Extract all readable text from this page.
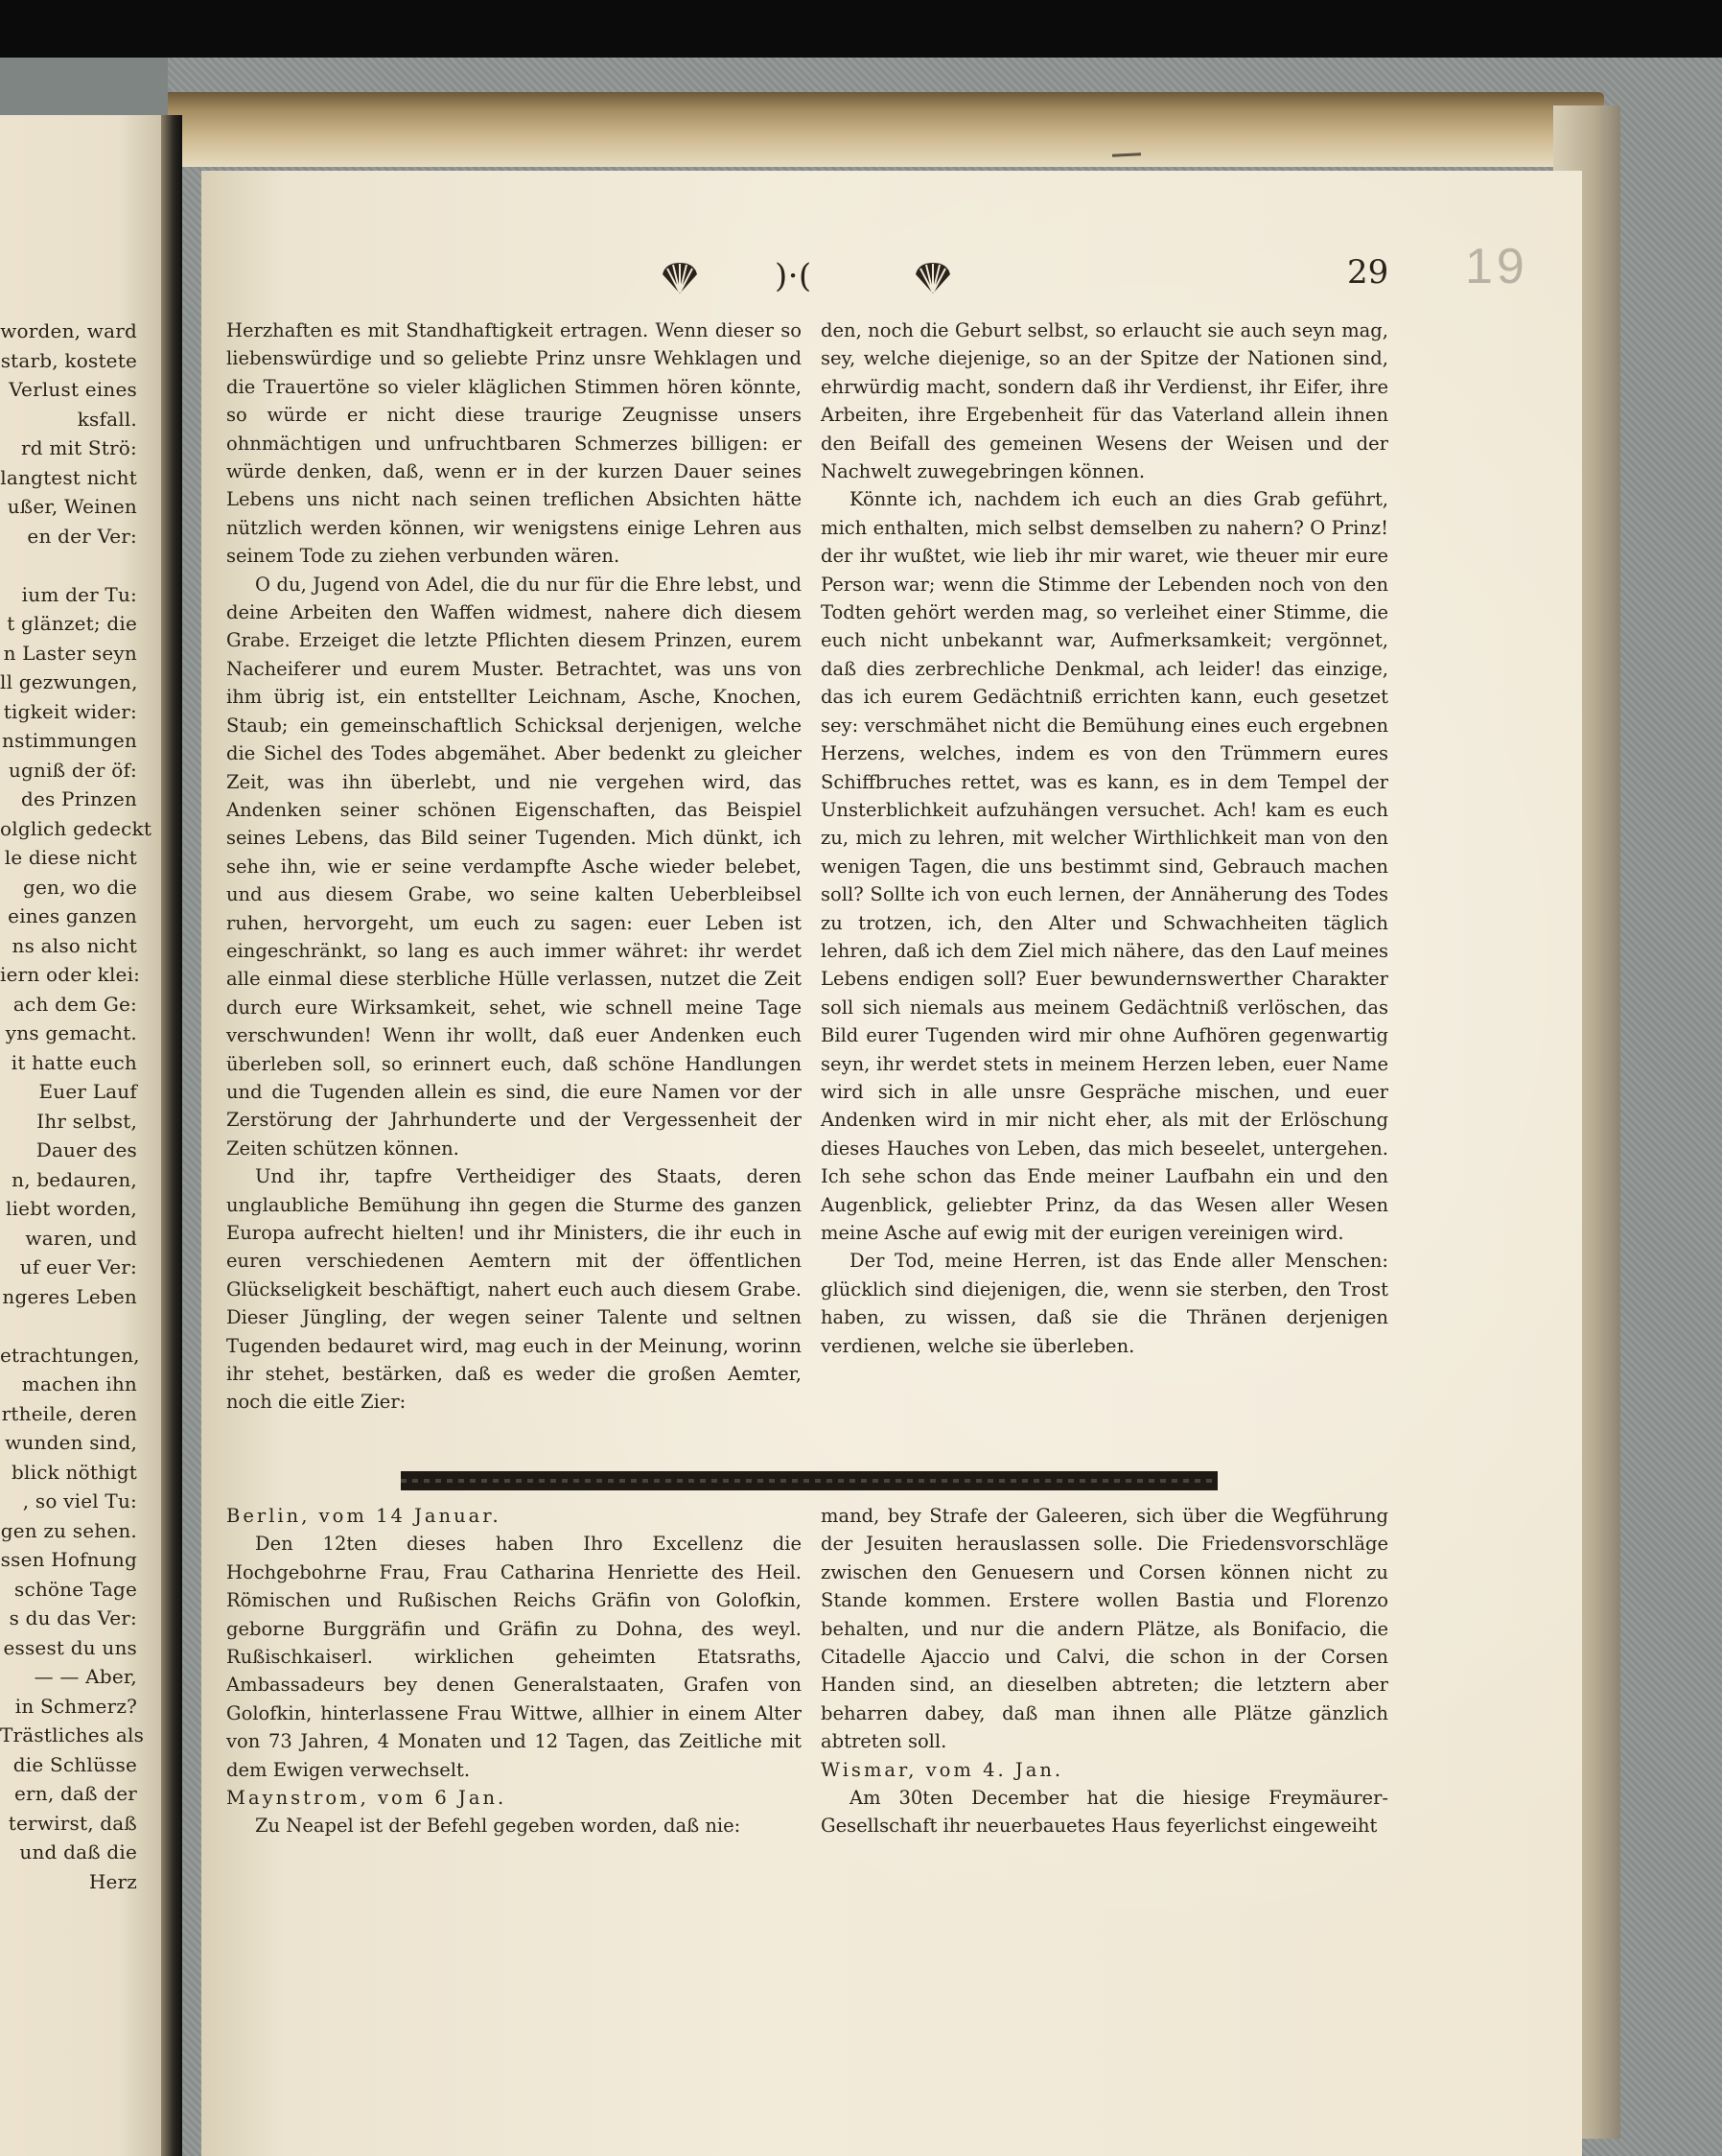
worden, ward
starb, kostete
Verlust eines
ksfall.
rd mit Strö:
langtest nicht
ußer, Weinen
en der Ver:
ium der Tu:
t glänzet; die
n Laster seyn
ll gezwungen,
tigkeit wider:
nstimmungen
ugniß der öf:
des Prinzen
olglich gedeckt
le diese nicht
gen, wo die
eines ganzen
ns also nicht
iern oder klei:
ach dem Ge:
yns gemacht.
it hatte euch
Euer Lauf
Ihr selbst,
Dauer des
n, bedauren,
liebt worden,
waren, und
uf euer Ver:
ngeres Leben
etrachtungen,
machen ihn
rtheile, deren
wunden sind,
blick nöthigt
, so viel Tu:
gen zu sehen.
ssen Hofnung
schöne Tage
s du das Ver:
essest du uns
— — Aber,
in Schmerz?
Trästliches als
die Schlüsse
ern, daß der
terwirst, daß
und daß die
Herz
)⋅(	29 19

Herzhaften es mit Standhaftigkeit ertragen. Wenn dieser so liebenswürdige und so geliebte Prinz unsre Wehklagen und die Trauertöne so vieler kläglichen Stimmen hören könnte, so würde er nicht diese traurige Zeugnisse unsers ohnmächtigen und unfruchtbaren Schmerzes billigen: er würde denken, daß, wenn er in der kurzen Dauer seines Lebens uns nicht nach seinen treflichen Absichten hätte nützlich werden können, wir wenigstens einige Lehren aus seinem Tode zu ziehen verbunden wären.

O du, Jugend von Adel, die du nur für die Ehre lebst, und deine Arbeiten den Waffen widmest, nahere dich diesem Grabe. Erzeiget die letzte Pflichten diesem Prinzen, eurem Nacheiferer und eurem Muster. Betrachtet, was uns von ihm übrig ist, ein entstellter Leichnam, Asche, Knochen, Staub; ein gemeinschaftlich Schicksal derjenigen, welche die Sichel des Todes abgemähet. Aber bedenkt zu gleicher Zeit, was ihn überlebt, und nie vergehen wird, das Andenken seiner schönen Eigenschaften, das Beispiel seines Lebens, das Bild seiner Tugenden. Mich dünkt, ich sehe ihn, wie er seine verdampfte Asche wieder belebet, und aus diesem Grabe, wo seine kalten Ueberbleibsel ruhen, hervorgeht, um euch zu sagen: euer Leben ist eingeschränkt, so lang es auch immer währet: ihr werdet alle einmal diese sterbliche Hülle verlassen, nutzet die Zeit durch eure Wirksamkeit, sehet, wie schnell meine Tage verschwunden! Wenn ihr wollt, daß euer Andenken euch überleben soll, so erinnert euch, daß schöne Handlungen und die Tugenden allein es sind, die eure Namen vor der Zerstörung der Jahrhunderte und der Vergessenheit der Zeiten schützen können.

Und ihr, tapfre Vertheidiger des Staats, deren unglaubliche Bemühung ihn gegen die Sturme des ganzen Europa aufrecht hielten! und ihr Ministers, die ihr euch in euren verschiedenen Aemtern mit der öffentlichen Glückseligkeit beschäftigt, nahert euch auch diesem Grabe. Dieser Jüngling, der wegen seiner Talente und seltnen Tugenden bedauret wird, mag euch in der Meinung, worinn ihr stehet, bestärken, daß es weder die großen Aemter, noch die eitle Zier:

den, noch die Geburt selbst, so erlaucht sie auch seyn mag, sey, welche diejenige, so an der Spitze der Nationen sind, ehrwürdig macht, sondern daß ihr Verdienst, ihr Eifer, ihre Arbeiten, ihre Ergebenheit für das Vaterland allein ihnen den Beifall des gemeinen Wesens der Weisen und der Nachwelt zuwegebringen können.

Könnte ich, nachdem ich euch an dies Grab geführt, mich enthalten, mich selbst demselben zu nahern? O Prinz! der ihr wußtet, wie lieb ihr mir waret, wie theuer mir eure Person war; wenn die Stimme der Lebenden noch von den Todten gehört werden mag, so verleihet einer Stimme, die euch nicht unbekannt war, Aufmerksamkeit; vergönnet, daß dies zerbrechliche Denkmal, ach leider! das einzige, das ich eurem Gedächtniß errichten kann, euch gesetzet sey: verschmähet nicht die Bemühung eines euch ergebnen Herzens, welches, indem es von den Trümmern eures Schiffbruches rettet, was es kann, es in dem Tempel der Unsterblichkeit aufzuhängen versuchet. Ach! kam es euch zu, mich zu lehren, mit welcher Wirthlichkeit man von den wenigen Tagen, die uns bestimmt sind, Gebrauch machen soll? Sollte ich von euch lernen, der Annäherung des Todes zu trotzen, ich, den Alter und Schwachheiten täglich lehren, daß ich dem Ziel mich nähere, das den Lauf meines Lebens endigen soll? Euer bewundernswerther Charakter soll sich niemals aus meinem Gedächtniß verlöschen, das Bild eurer Tugenden wird mir ohne Aufhören gegenwartig seyn, ihr werdet stets in meinem Herzen leben, euer Name wird sich in alle unsre Gespräche mischen, und euer Andenken wird in mir nicht eher, als mit der Erlöschung dieses Hauches von Leben, das mich beseelet, untergehen. Ich sehe schon das Ende meiner Laufbahn ein und den Augenblick, geliebter Prinz, da das Wesen aller Wesen meine Asche auf ewig mit der eurigen vereinigen wird.

Der Tod, meine Herren, ist das Ende aller Menschen: glücklich sind diejenigen, die, wenn sie sterben, den Trost haben, zu wissen, daß sie die Thränen derjenigen verdienen, welche sie überleben.

Berlin, vom 14 Januar.

Den 12ten dieses haben Ihro Excellenz die Hochgebohrne Frau, Frau Catharina Henriette des Heil. Römischen und Rußischen Reichs Gräfin von Golofkin, geborne Burggräfin und Gräfin zu Dohna, des weyl. Rußischkaiserl. wirklichen geheimten Etatsraths, Ambassadeurs bey denen Generalstaaten, Grafen von Golofkin, hinterlassene Frau Wittwe, allhier in einem Alter von 73 Jahren, 4 Monaten und 12 Tagen, das Zeitliche mit dem Ewigen verwechselt.

Maynstrom, vom 6 Jan.

Zu Neapel ist der Befehl gegeben worden, daß nie:

mand, bey Strafe der Galeeren, sich über die Wegführung der Jesuiten herauslassen solle. Die Friedensvorschläge zwischen den Genuesern und Corsen können nicht zu Stande kommen. Erstere wollen Bastia und Florenzo behalten, und nur die andern Plätze, als Bonifacio, die Citadelle Ajaccio und Calvi, die schon in der Corsen Handen sind, an dieselben abtreten; die letztern aber beharren dabey, daß man ihnen alle Plätze gänzlich abtreten soll.

Wismar, vom 4. Jan.

Am 30ten December hat die hiesige Freymäurer-Gesellschaft ihr neuerbauetes Haus feyerlichst eingeweiht
